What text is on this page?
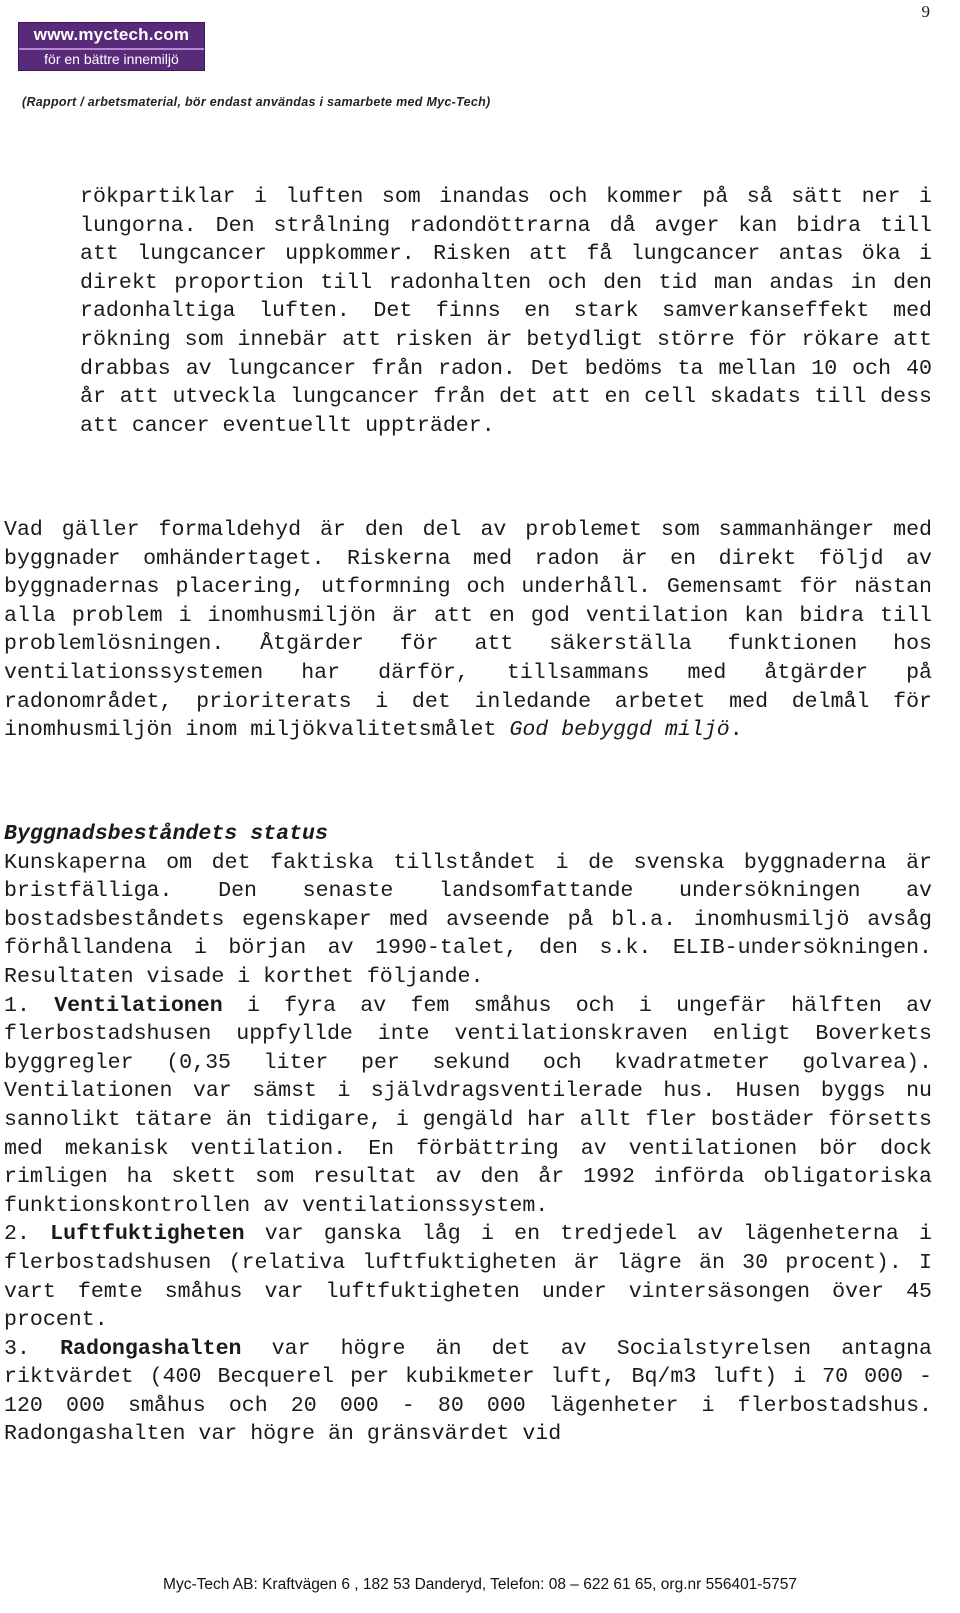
9
www.myctech.com
för en bättre innemiljö
(Rapport / arbetsmaterial, bör endast användas i samarbete med Myc-Tech)

rökpartiklar i luften som inandas och kommer på så sätt ner i lungorna. Den strålning radondöttrarna då avger kan bidra till att lungcancer uppkommer. Risken att få lungcancer antas öka i direkt proportion till radonhalten och den tid man andas in den radonhaltiga luften. Det finns en stark samverkanseffekt med rökning som innebär att risken är betydligt större för rökare att drabbas av lungcancer från radon. Det bedöms ta mellan 10 och 40 år att utveckla lungcancer från det att en cell skadats till dess att cancer eventuellt uppträder.

Vad gäller formaldehyd är den del av problemet som sammanhänger med byggnader omhändertaget. Riskerna med radon är en direkt följd av byggnadernas placering, utformning och underhåll. Gemensamt för nästan alla problem i inomhusmiljön är att en god ventilation kan bidra till problemlösningen. Åtgärder för att säkerställa funktionen hos ventilationssystemen har därför, tillsammans med åtgärder på radonområdet, prioriterats i det inledande arbetet med delmål för inomhusmiljön inom miljökvalitetsmålet God bebyggd miljö.

Byggnadsbeståndets status
Kunskaperna om det faktiska tillståndet i de svenska byggnaderna är bristfälliga. Den senaste landsomfattande undersökningen av bostadsbeståndets egenskaper med avseende på bl.a. inomhusmiljö avsåg förhållandena i början av 1990-talet, den s.k. ELIB-undersökningen. Resultaten visade i korthet följande.
1. Ventilationen i fyra av fem småhus och i ungefär hälften av flerbostadshusen uppfyllde inte ventilationskraven enligt Boverkets byggregler (0,35 liter per sekund och kvadratmeter golvarea). Ventilationen var sämst i självdragsventilerade hus. Husen byggs nu sannolikt tätare än tidigare, i gengäld har allt fler bostäder försetts med mekanisk ventilation. En förbättring av ventilationen bör dock rimligen ha skett som resultat av den år 1992 införda obligatoriska funktionskontrollen av ventilationssystem.
2. Luftfuktigheten var ganska låg i en tredjedel av lägenheterna i flerbostadshusen (relativa luftfuktigheten är lägre än 30 procent). I vart femte småhus var luftfuktigheten under vintersäsongen över 45 procent.
3. Radongashalten var högre än det av Socialstyrelsen antagna riktvärdet (400 Becquerel per kubikmeter luft, Bq/m3 luft) i 70 000 - 120 000 småhus och 20 000 - 80 000 lägenheter i flerbostadshus. Radongashalten var högre än gränsvärdet vid
Myc-Tech AB: Kraftvägen 6 , 182 53 Danderyd, Telefon: 08 – 622 61 65, org.nr 556401-5757
